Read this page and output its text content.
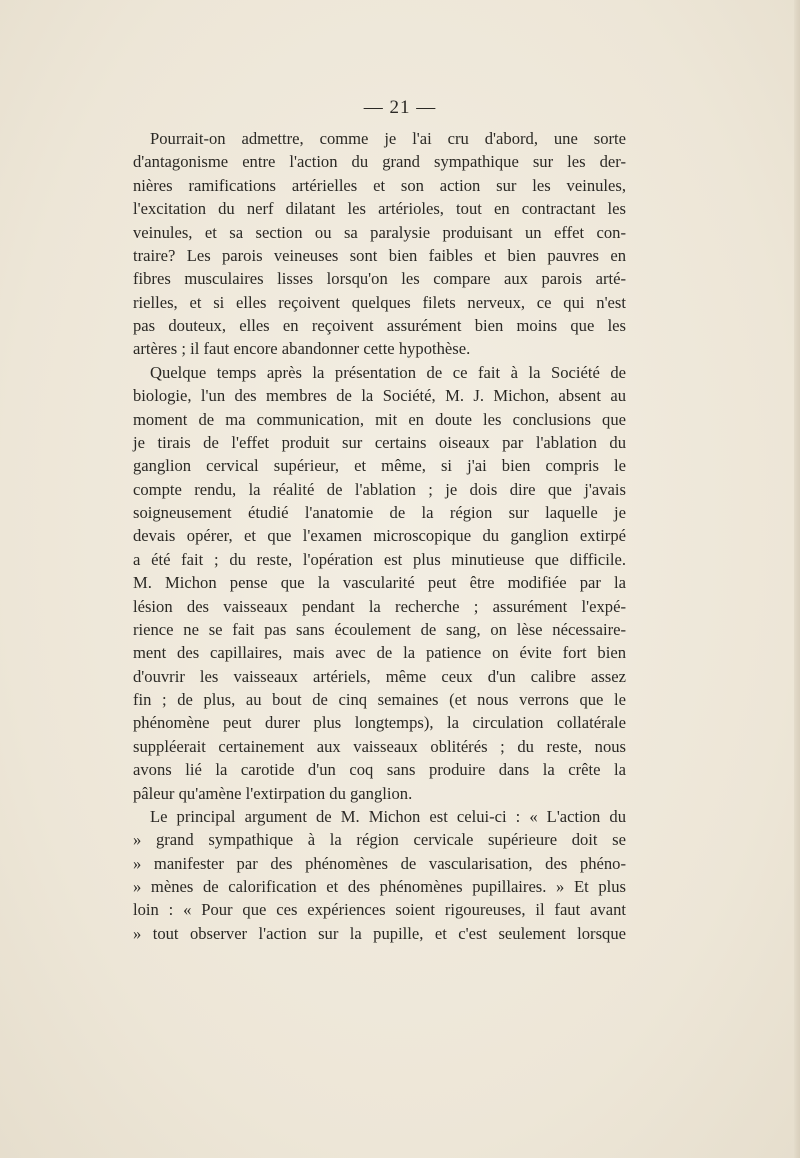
— 21 —
Pourrait-on admettre, comme je l'ai cru d'abord, une sorte
d'antagonisme entre l'action du grand sympathique sur les der-
nières ramifications artérielles et son action sur les veinules,
l'excitation du nerf dilatant les artérioles, tout en contractant les
veinules, et sa section ou sa paralysie produisant un effet con-
traire? Les parois veineuses sont bien faibles et bien pauvres en
fibres musculaires lisses lorsqu'on les compare aux parois arté-
rielles, et si elles reçoivent quelques filets nerveux, ce qui n'est
pas douteux, elles en reçoivent assurément bien moins que les
artères ; il faut encore abandonner cette hypothèse.
Quelque temps après la présentation de ce fait à la Société de
biologie, l'un des membres de la Société, M. J. Michon, absent au
moment de ma communication, mit en doute les conclusions que
je tirais de l'effet produit sur certains oiseaux par l'ablation du
ganglion cervical supérieur, et même, si j'ai bien compris le
compte rendu, la réalité de l'ablation ; je dois dire que j'avais
soigneusement étudié l'anatomie de la région sur laquelle je
devais opérer, et que l'examen microscopique du ganglion extirpé
a été fait ; du reste, l'opération est plus minutieuse que difficile.
M. Michon pense que la vascularité peut être modifiée par la
lésion des vaisseaux pendant la recherche ; assurément l'expé-
rience ne se fait pas sans écoulement de sang, on lèse nécessaire-
ment des capillaires, mais avec de la patience on évite fort bien
d'ouvrir les vaisseaux artériels, même ceux d'un calibre assez
fin ; de plus, au bout de cinq semaines (et nous verrons que le
phénomène peut durer plus longtemps), la circulation collatérale
suppléerait certainement aux vaisseaux oblitérés ; du reste, nous
avons lié la carotide d'un coq sans produire dans la crête la
pâleur qu'amène l'extirpation du ganglion.
Le principal argument de M. Michon est celui-ci : « L'action du
» grand sympathique à la région cervicale supérieure doit se
» manifester par des phénomènes de vascularisation, des phéno-
» mènes de calorification et des phénomènes pupillaires. » Et plus
loin : « Pour que ces expériences soient rigoureuses, il faut avant
» tout observer l'action sur la pupille, et c'est seulement lorsque
